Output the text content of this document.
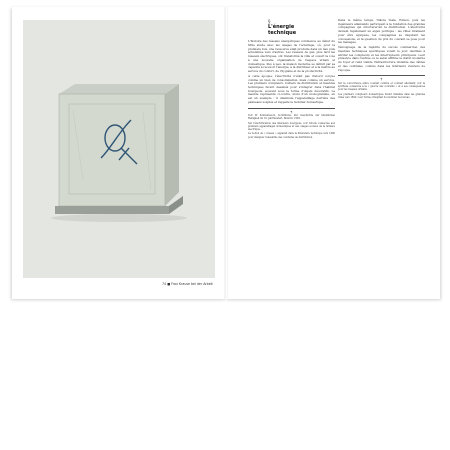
74 ■ Frau Krause bei der Arbeit
§
L'énergie
technique

L'histoire des réseaux énergétiques commence au début du XIXe siècle avec les usages de l'éclairage, où, pour la première fois, une ressource était produite dans un lieu puis acheminée vers d'autres. Les réseaux de gaz, plus tard les réseaux électriques, ont transformé la ville et ouvert la voie à une nouvelle organisation de l'espace urbain et domestique. Peu à peu, la maison moderne se définit par sa capacité à recevoir l'énergie, à la distribuer et à la mettre au service du confort, de l'hygiène et de la productivité.

À cette époque, l'électricité n'était pas d'abord conçue comme un bien de consommation, mais comme un service. Les premiers compteurs, boîtiers de distribution et meubles techniques furent dessinés pour s'intégrer dans l'habitat bourgeois, souvent sous la forme d'objets décoratifs. Le meuble représenté ci-contre, muni d'un monogramme, en est un exemple : il dissimule l'appareillage derrière des panneaux soignés et rappelle le mobilier domestique.

¶

Voir W. Schivelbusch, Lichtblicke. Zur Geschichte der künstlichen Helligkeit im 19. Jahrhundert, Munich, 1983.

Sur l'électrification des intérieurs bourgeois, voir l'étude consacrée aux premiers appareillages domestiques et aux usages sociaux de la lumière électrique.

La notion de « réseau » apparaît dans la littérature technique vers 1880 pour désigner l'ensemble des conduites de distribution.

Dans le même temps, Nikola Tesla, Edison, puis les ingénieurs allemands participent à la fondation des grandes compagnies qui structureront la distribution. L'électricité devient rapidement un enjeu politique : les villes rivalisent pour être équipées, les compagnies se disputent les concessions, et la question du prix du courant se pose pour les ménages.

Témoignage de la rapidité du succès commercial, des meubles techniques spécifiques voient le jour, destinés à abriter les compteurs et les interrupteurs principaux. Leur présence dans l'entrée ou le salon affirme le statut moderne du foyer et rend visible l'infrastructure invisible des câbles et des centrales, comme dans les intérieurs viennois de l'époque.

¶

Sur la concurrence entre courant continu et courant alternatif, voir la synthèse consacrée à la « guerre des courants » et à ses conséquences pour les réseaux urbains.

Les premiers compteurs domestiques furent installés dans les grandes villes vers 1890 ; leur forme s'inspirait du mobilier de bureau.
